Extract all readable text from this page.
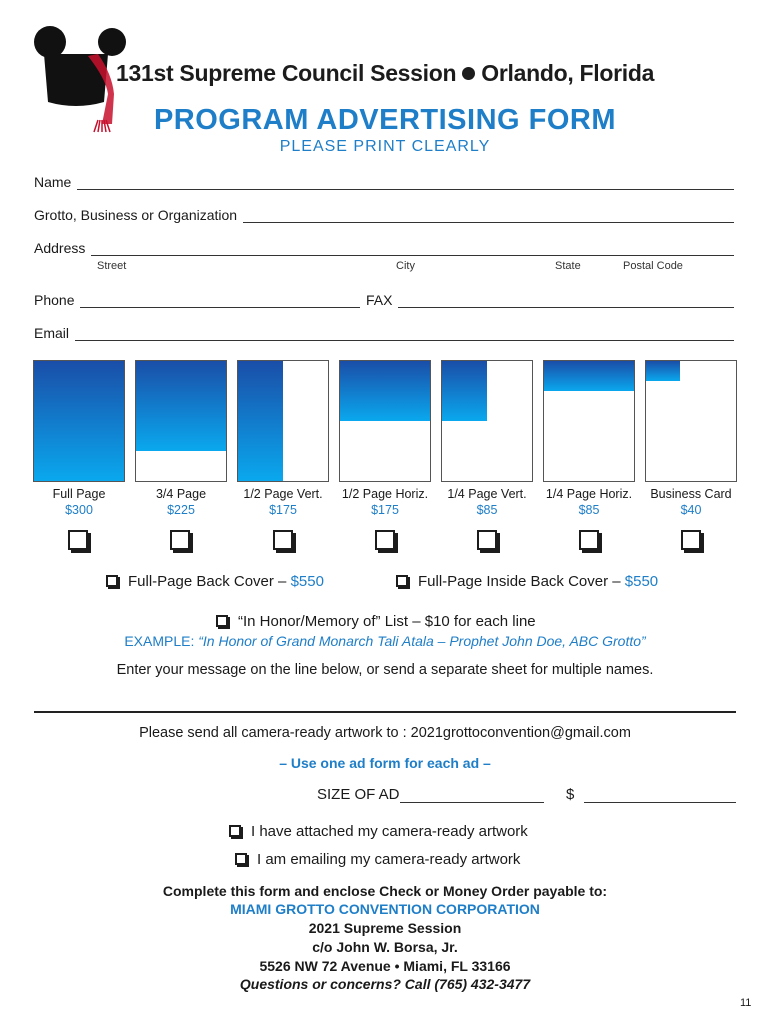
131st Supreme Council Session Orlando, Florida
PROGRAM ADVERTISING FORM
PLEASE PRINT CLEARLY
Name
Grotto, Business or Organization
Address
Street	City	State	Postal Code
Phone	FAX
Email
Full Page
$300
3/4 Page
$225
1/2 Page Vert.
$175
1/2 Page Horiz.
$175
1/4 Page Vert.
$85
1/4 Page Horiz.
$85
Business Card
$40
Full-Page Back Cover – $550	Full-Page Inside Back Cover – $550
“In Honor/Memory of” List – $10 for each line
EXAMPLE: “In Honor of Grand Monarch Tali Atala – Prophet John Doe, ABC Grotto”
Enter your message on the line below, or send a separate sheet for multiple names.
Please send all camera-ready artwork to : 2021grottoconvention@gmail.com
– Use one ad form for each ad –
SIZE OF AD	$
I have attached my camera-ready artwork
I am emailing my camera-ready artwork
Complete this form and enclose Check or Money Order payable to:
MIAMI GROTTO CONVENTION CORPORATION
2021 Supreme Session
c/o John W. Borsa, Jr.
5526 NW 72 Avenue • Miami, FL 33166
Questions or concerns? Call (765) 432-3477
11
